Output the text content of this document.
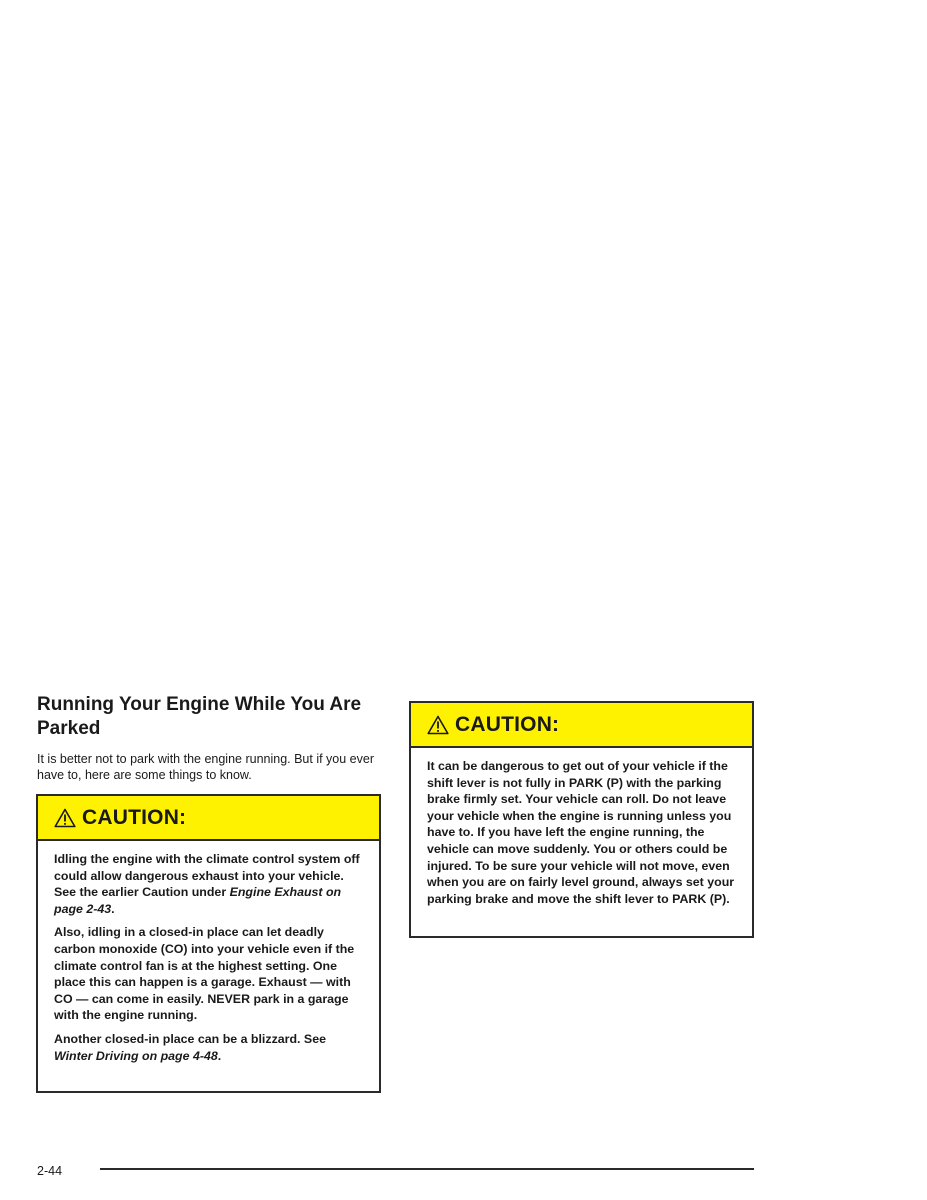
Running Your Engine While You Are Parked

It is better not to park with the engine running. But if you ever have to, here are some things to know.

CAUTION:

Idling the engine with the climate control system off could allow dangerous exhaust into your vehicle. See the earlier Caution under Engine Exhaust on page 2-43.

Also, idling in a closed-in place can let deadly carbon monoxide (CO) into your vehicle even if the climate control fan is at the highest setting. One place this can happen is a garage. Exhaust — with CO — can come in easily. NEVER park in a garage with the engine running.

Another closed-in place can be a blizzard. See Winter Driving on page 4-48.

CAUTION:

It can be dangerous to get out of your vehicle if the shift lever is not fully in PARK (P) with the parking brake firmly set. Your vehicle can roll. Do not leave your vehicle when the engine is running unless you have to. If you have left the engine running, the vehicle can move suddenly. You or others could be injured. To be sure your vehicle will not move, even when you are on fairly level ground, always set your parking brake and move the shift lever to PARK (P).

2-44
